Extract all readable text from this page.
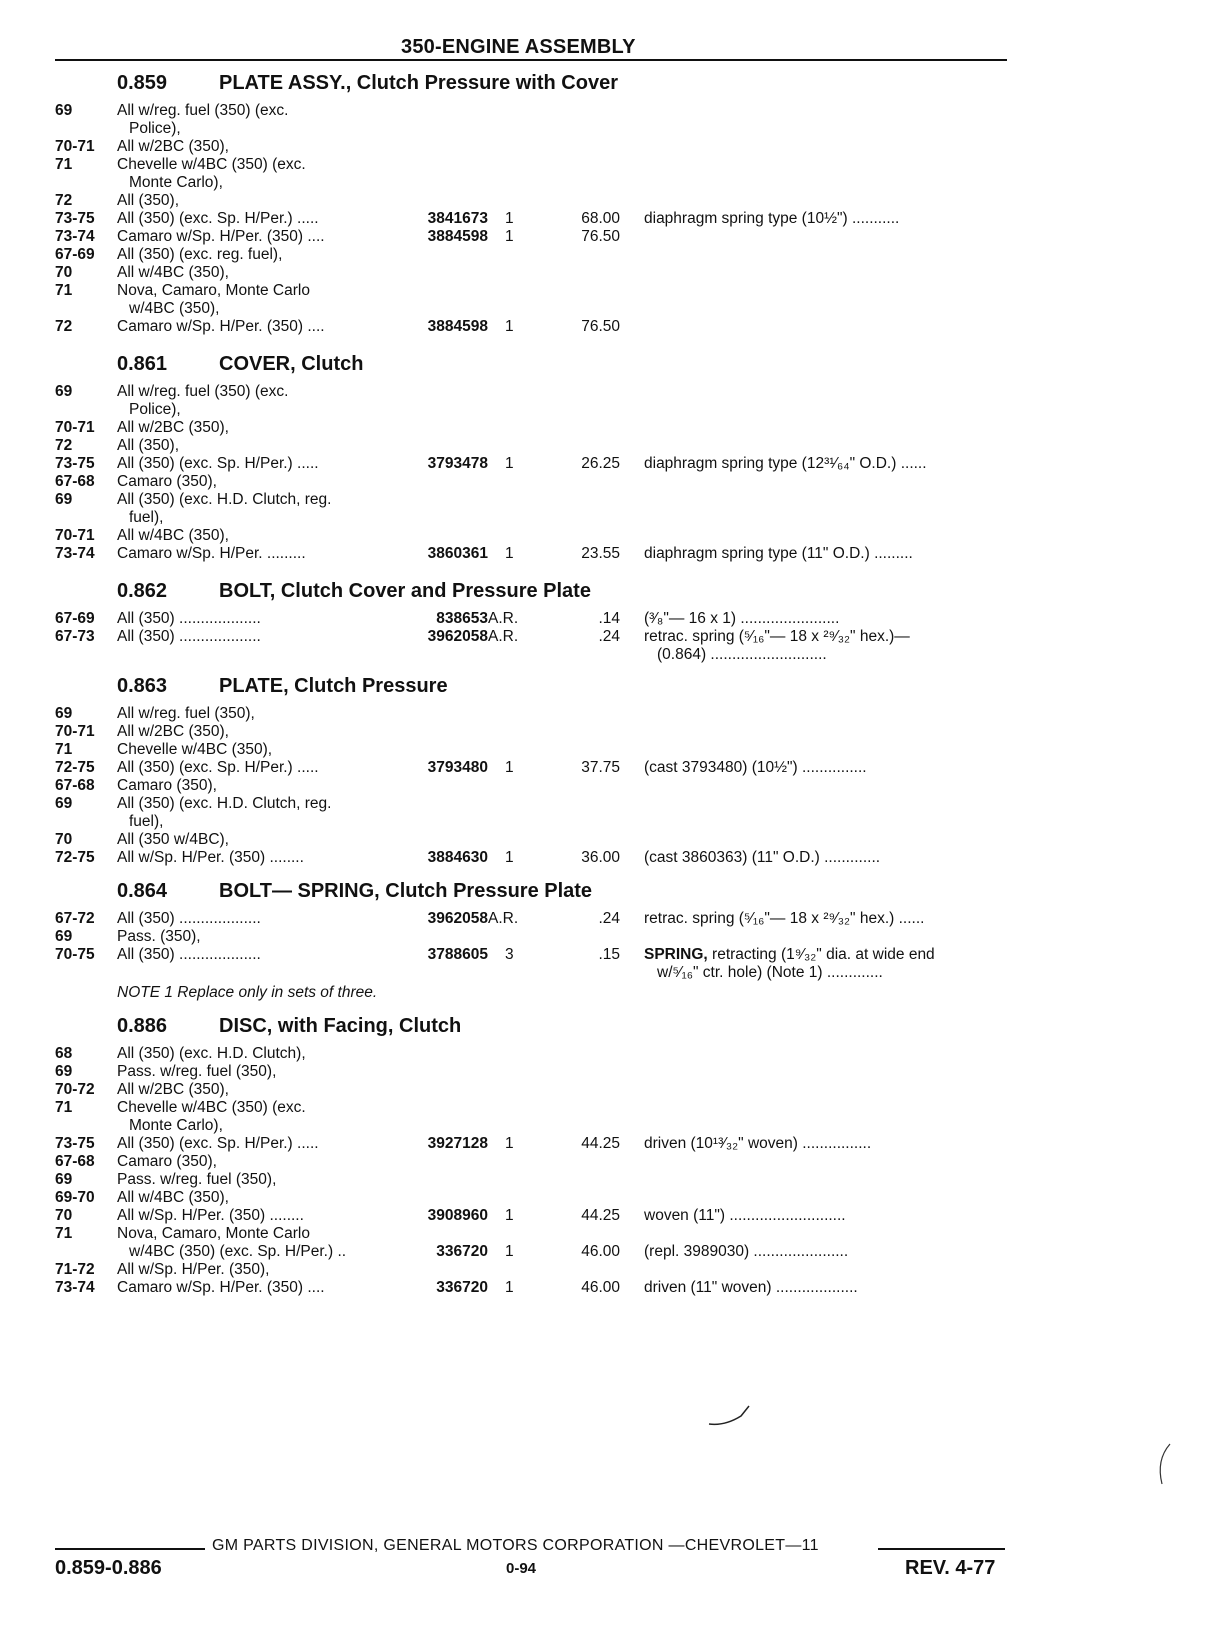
350-ENGINE ASSEMBLY
0.859	PLATE ASSY., Clutch Pressure with Cover
69	All w/reg. fuel (350) (exc.
Police),
70-71 All w/2BC (350),
71	Chevelle w/4BC (350) (exc.
Monte Carlo),
72	All (350),
73-75 All (350) (exc. Sp. H/Per.) .....	3841673 1	68.00 diaphragm spring type (10½") ...........
73-74 Camaro w/Sp. H/Per. (350) ....	3884598 1	76.50
67-69 All (350) (exc. reg. fuel),
70	All w/4BC (350),
71	Nova, Camaro, Monte Carlo
w/4BC (350),
72	Camaro w/Sp. H/Per. (350) ....	3884598 1	76.50
0.861	COVER, Clutch
69	All w/reg. fuel (350) (exc.
Police),
70-71 All w/2BC (350),
72	All (350),
73-75 All (350) (exc. Sp. H/Per.) .....	3793478 1	26.25 diaphragm spring type (12³¹⁄₆₄" O.D.) ......
67-68 Camaro (350),
69	All (350) (exc. H.D. Clutch, reg.
fuel),
70-71 All w/4BC (350),
73-74 Camaro w/Sp. H/Per. .........	3860361 1	23.55 diaphragm spring type (11" O.D.) .........
0.862	BOLT, Clutch Cover and Pressure Plate
67-69 All (350) ...................	838653 A.R.	.14 (³⁄₈"— 16 x 1) .......................
67-73 All (350) ...................	3962058 A.R.	.24 retrac. spring (⁵⁄₁₆"— 18 x ²⁹⁄₃₂" hex.)—
(0.864) ...........................
0.863	PLATE, Clutch Pressure
69	All w/reg. fuel (350),
70-71 All w/2BC (350),
71	Chevelle w/4BC (350),
72-75 All (350) (exc. Sp. H/Per.) .....	3793480 1	37.75 (cast 3793480) (10½") ...............
67-68 Camaro (350),
69	All (350) (exc. H.D. Clutch, reg.
fuel),
70	All (350 w/4BC),
72-75 All w/Sp. H/Per. (350) ........	3884630 1	36.00 (cast 3860363) (11" O.D.) .............
0.864	BOLT— SPRING, Clutch Pressure Plate
67-72 All (350) ...................	3962058 A.R.	.24 retrac. spring (⁵⁄₁₆"— 18 x ²⁹⁄₃₂" hex.) ......
69	Pass. (350),
70-75 All (350) ...................	3788605 3	.15 SPRING, retracting (1⁹⁄₃₂" dia. at wide end
w/⁵⁄₁₆" ctr. hole) (Note 1) .............
NOTE 1 Replace only in sets of three.
0.886	DISC, with Facing, Clutch
68	All (350) (exc. H.D. Clutch),
69	Pass. w/reg. fuel (350),
70-72 All w/2BC (350),
71	Chevelle w/4BC (350) (exc.
Monte Carlo),
73-75 All (350) (exc. Sp. H/Per.) .....	3927128 1	44.25 driven (10¹³⁄₃₂" woven) ................
67-68 Camaro (350),
69	Pass. w/reg. fuel (350),
69-70 All w/4BC (350),
70	All w/Sp. H/Per. (350) ........	3908960 1	44.25 woven (11") ...........................
71	Nova, Camaro, Monte Carlo
w/4BC (350) (exc. Sp. H/Per.) ..	336720 1	46.00 (repl. 3989030) ......................
71-72 All w/Sp. H/Per. (350),
73-74 Camaro w/Sp. H/Per. (350) ....	336720 1	46.00 driven (11" woven) ...................
GM PARTS DIVISION, GENERAL MOTORS CORPORATION —CHEVROLET—11
0.859-0.886	0-94	REV. 4-77
